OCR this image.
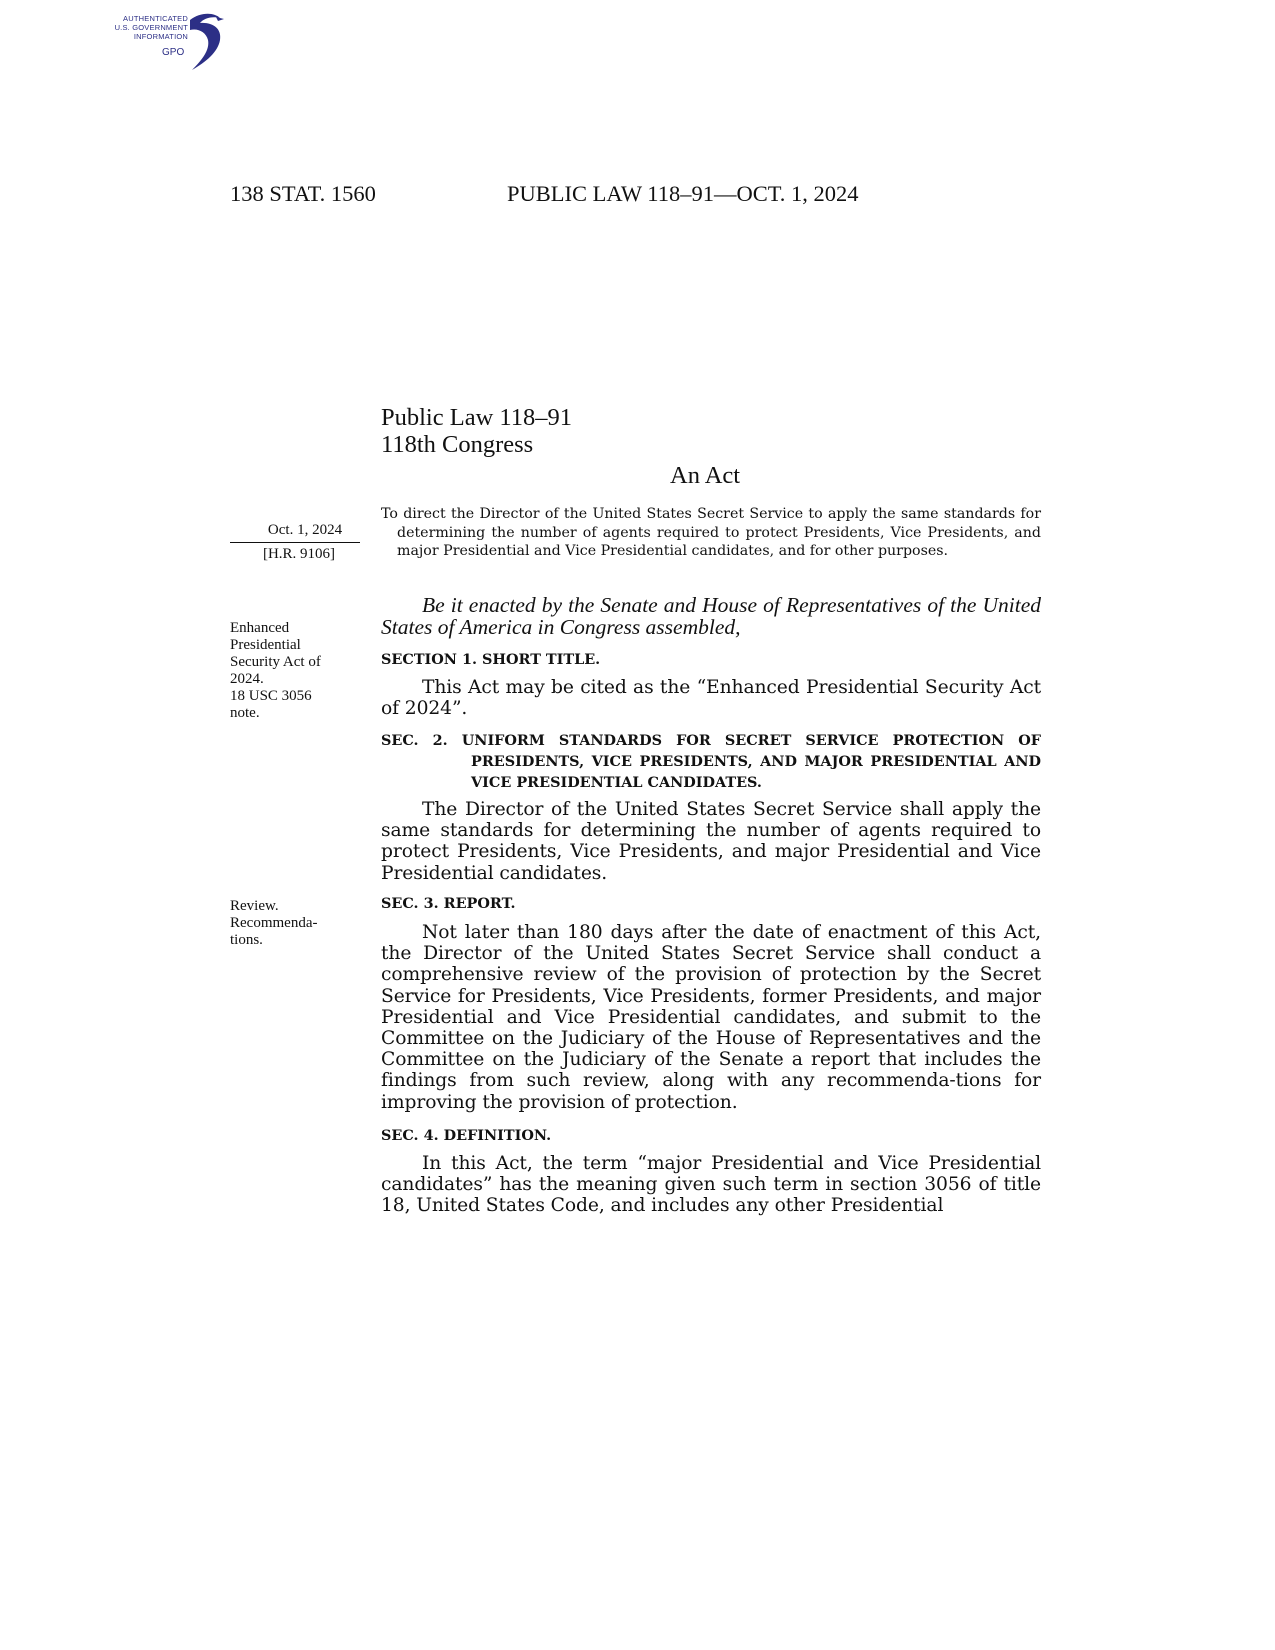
AUTHENTICATED
U.S. GOVERNMENT
INFORMATION
GPO
138 STAT. 1560	PUBLIC LAW 118–91—OCT. 1, 2024
Public Law 118–91
118th Congress
An Act
Oct. 1, 2024
[H.R. 9106]
To direct the Director of the United States Secret Service to apply the same standards for determining the number of agents required to protect Presidents, Vice Presidents, and major Presidential and Vice Presidential candidates, and for other purposes.
Enhanced
Presidential
Security Act of
2024.
18 USC 3056
note.
Review.
Recommenda-
tions.
Be it enacted by the Senate and House of Representatives of the United States of America in Congress assembled,
SECTION 1. SHORT TITLE.
This Act may be cited as the “Enhanced Presidential Security Act of 2024”.
SEC. 2. UNIFORM STANDARDS FOR SECRET SERVICE PROTECTION OF PRESIDENTS, VICE PRESIDENTS, AND MAJOR PRESIDENTIAL AND VICE PRESIDENTIAL CANDIDATES.
The Director of the United States Secret Service shall apply the same standards for determining the number of agents required to protect Presidents, Vice Presidents, and major Presidential and Vice Presidential candidates.
SEC. 3. REPORT.
Not later than 180 days after the date of enactment of this Act, the Director of the United States Secret Service shall conduct a comprehensive review of the provision of protection by the Secret Service for Presidents, Vice Presidents, former Presidents, and major Presidential and Vice Presidential candidates, and submit to the Committee on the Judiciary of the House of Representatives and the Committee on the Judiciary of the Senate a report that includes the findings from such review, along with any recommenda-tions for improving the provision of protection.
SEC. 4. DEFINITION.
In this Act, the term “major Presidential and Vice Presidential candidates” has the meaning given such term in section 3056 of title 18, United States Code, and includes any other Presidential
